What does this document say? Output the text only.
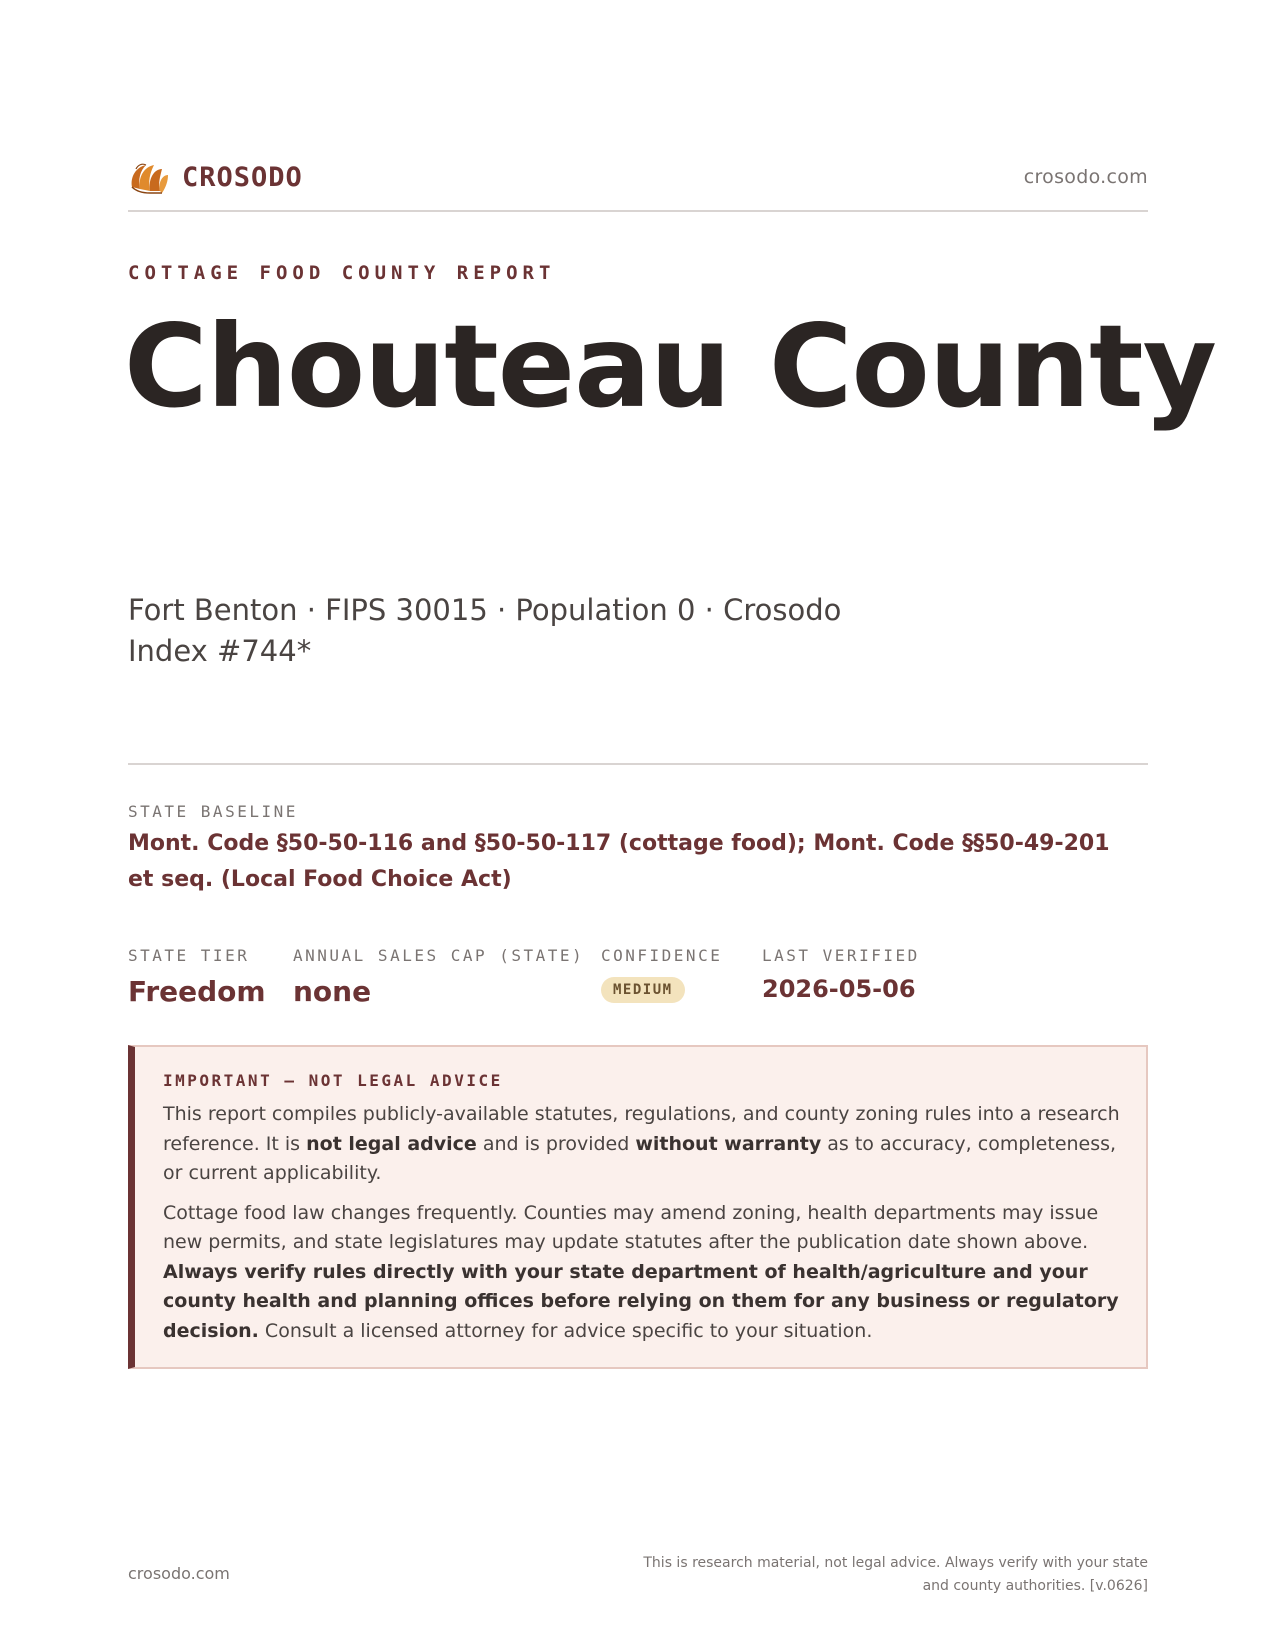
CROSODO	crosodo.com
COTTAGE FOOD COUNTY REPORT
Chouteau County
Fort Benton · FIPS 30015 · Population 0 · Crosodo Index #744*
STATE BASELINE
Mont. Code §50-50-116 and §50-50-117 (cottage food); Mont. Code §§50-49-201 et seq. (Local Food Choice Act)
STATE TIER
Freedom
ANNUAL SALES CAP (STATE)
none
CONFIDENCE
MEDIUM
LAST VERIFIED
2026-05-06
IMPORTANT — NOT LEGAL ADVICE

This report compiles publicly-available statutes, regulations, and county zoning rules into a research reference. It is not legal advice and is provided without warranty as to accuracy, completeness, or current applicability.

Cottage food law changes frequently. Counties may amend zoning, health departments may issue new permits, and state legislatures may update statutes after the publication date shown above. Always verify rules directly with your state department of health/agriculture and your county health and planning offices before relying on them for any business or regulatory decision. Consult a licensed attorney for advice specific to your situation.

crosodo.com
This is research material, not legal advice. Always verify with your state and county authorities. [v.0626]
